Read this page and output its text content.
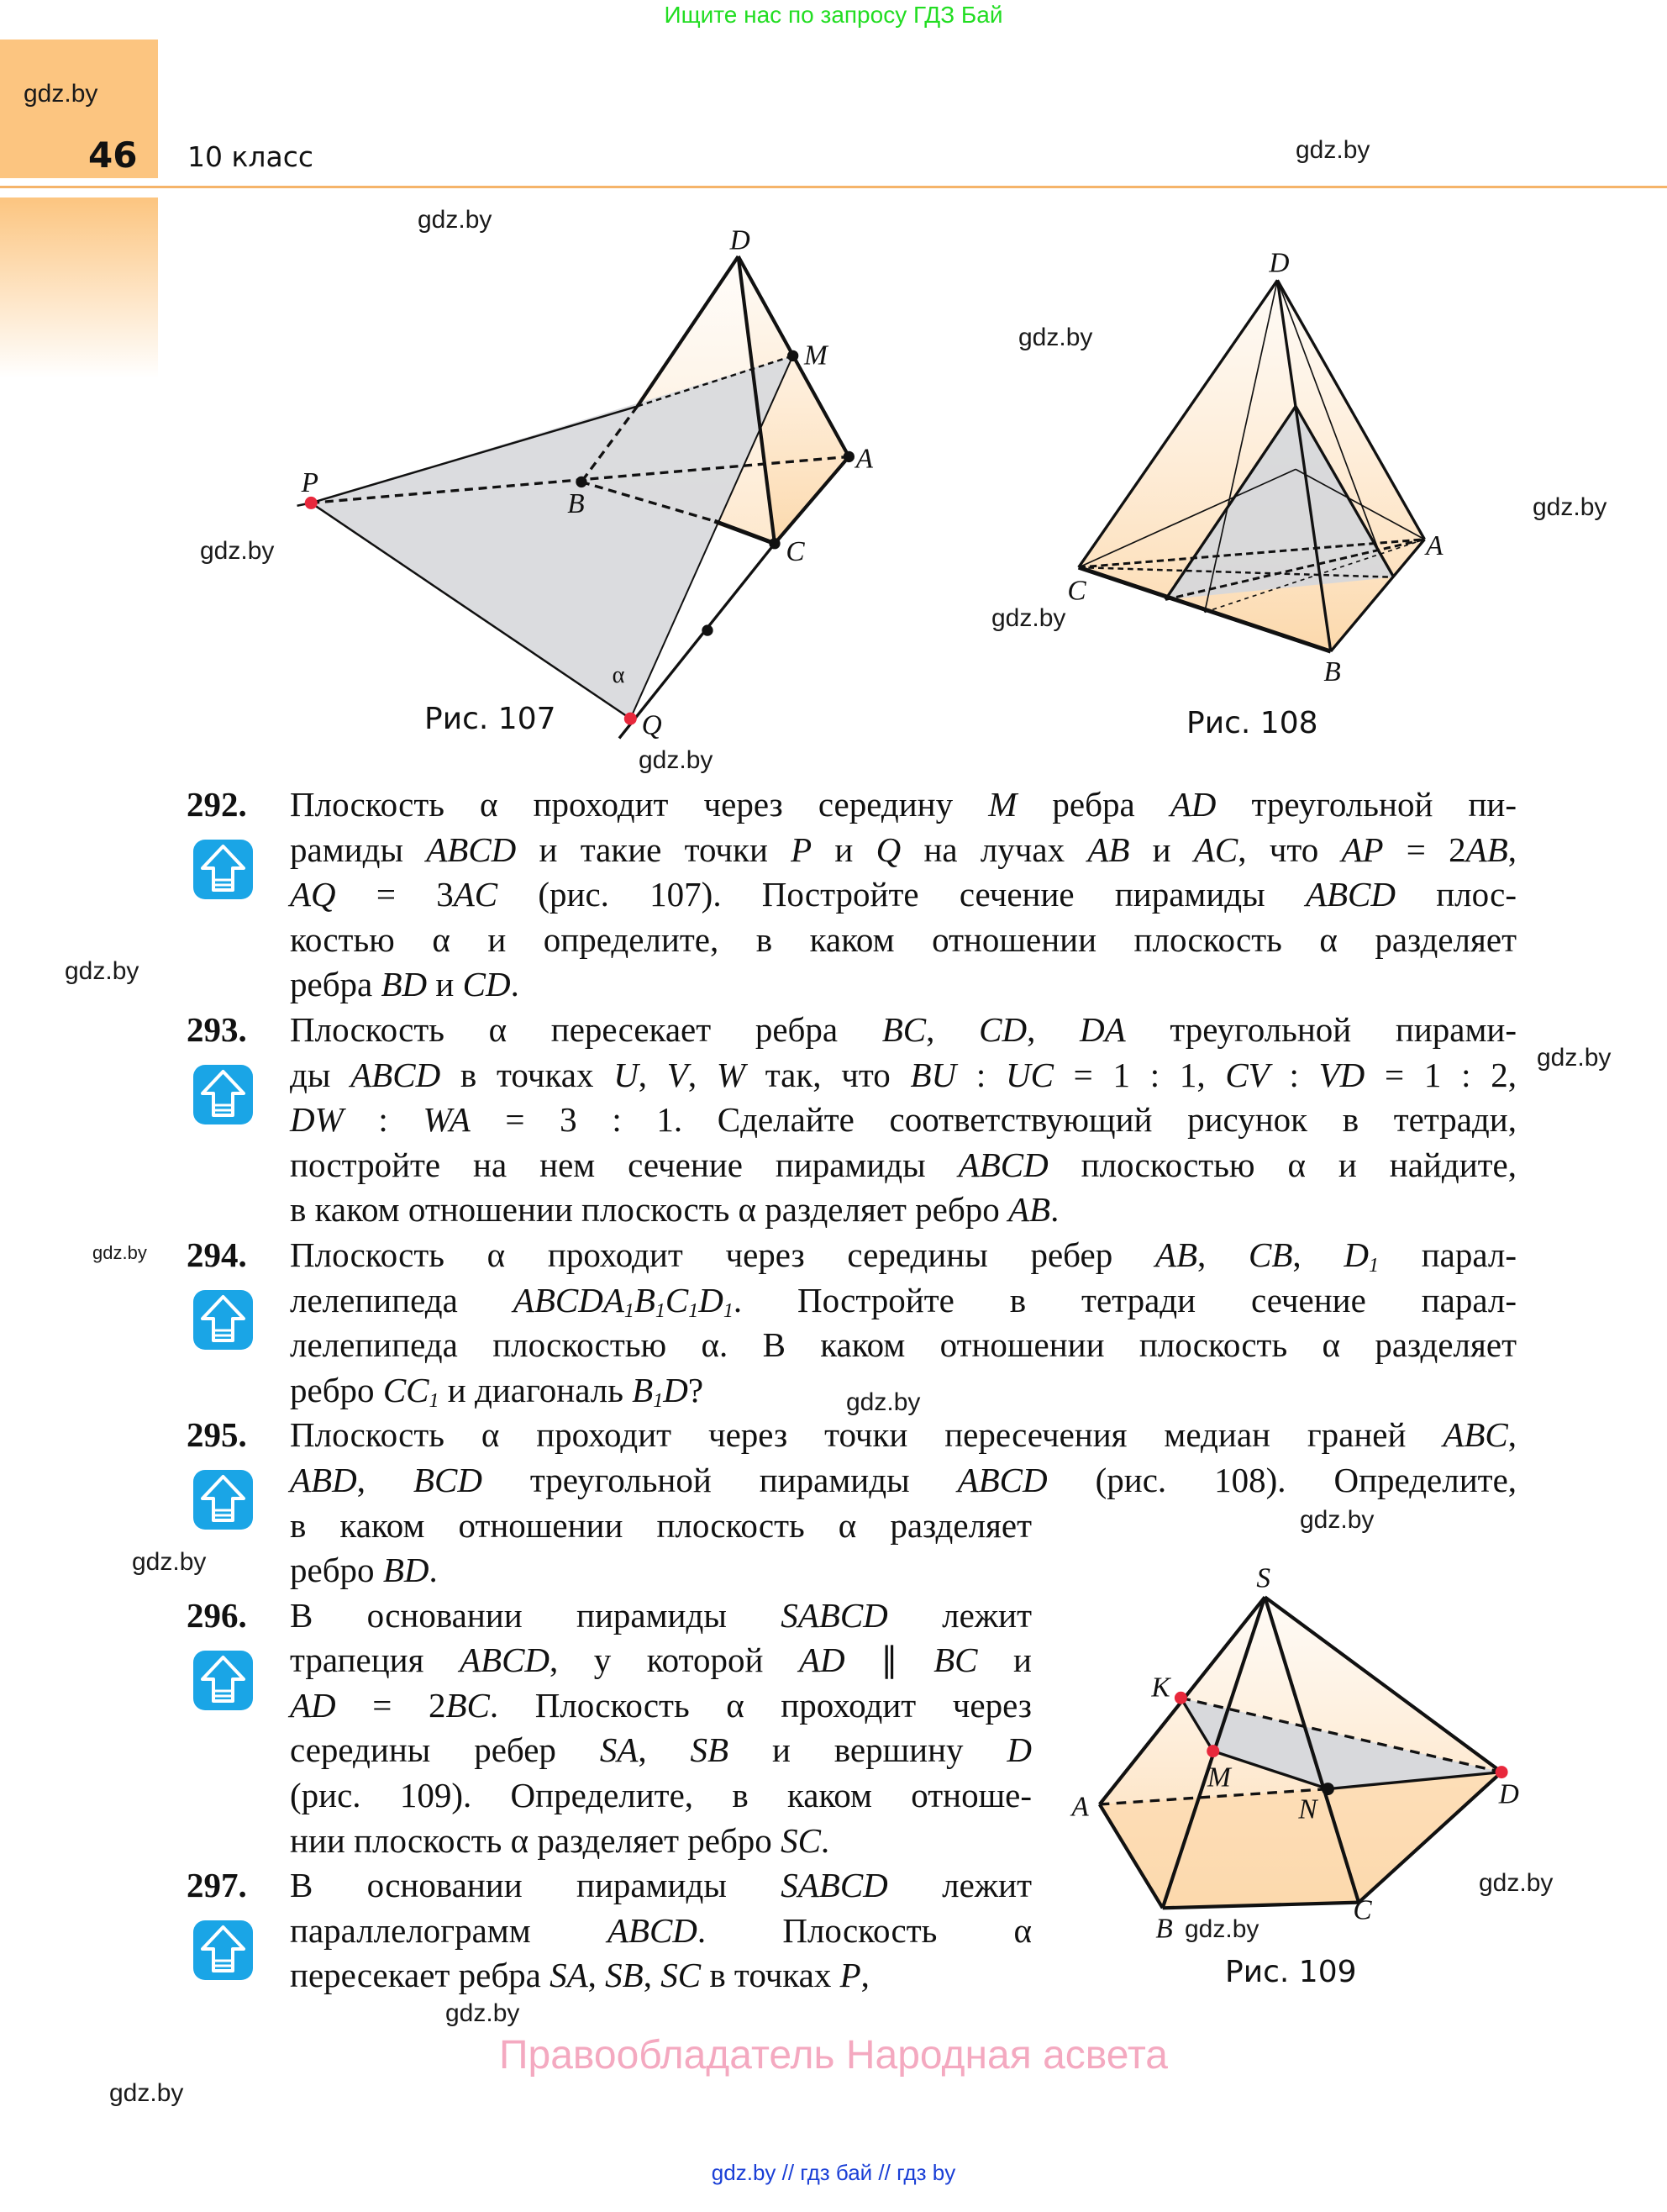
Ищите нас по запросу ГДЗ Бай
46 10 класс
gdz.by
gdz.by
gdz.by
gdz.by
gdz.by
gdz.by
gdz.by
gdz.by
gdz.by
gdz.by
gdz.by
gdz.by
gdz.by
gdz.by
gdz.by
gdz.by
gdz.by
gdz.by
D
M
A
B
C
P
Q
α
D
A
C
B
S
K
M
N
A
B
C
D
Рис. 107	Рис. 108
Рис. 109
292. Плоскость α проходит через середину M ребра AD треугольной пи-
рамиды ABCD и такие точки P и Q на лучах AB и AC, что AP = 2AB,
AQ = 3AC (рис. 107). Постройте сечение пирамиды ABCD плос-
костью α и определите, в каком отношении плоскость α разделяет
ребра BD и CD.
293. Плоскость α пересекает ребра BC, CD, DA треугольной пирами-
ды ABCD в точках U, V, W так, что BU : UC = 1 : 1, CV : VD = 1 : 2,
DW : WA = 3 : 1. Сделайте соответствующий рисунок в тетради,
постройте на нем сечение пирамиды ABCD плоскостью α и найдите,
в каком отношении плоскость α разделяет ребро AB.
294. Плоскость α проходит через середины ребер AB, CB, $D_1$ парал-
лелепипеда $ABCDA_1B_1C_1D_1$. Постройте в тетради сечение парал-
лелепипеда плоскостью α. В каком отношении плоскость α разделяет
ребро $CC_1$ и диагональ $B_1D$?
295. Плоскость α проходит через точки пересечения медиан граней ABC,
ABD, BCD треугольной пирамиды ABCD (рис. 108). Определите,
в каком отношении плоскость α разделяет
ребро BD.
296. В основании пирамиды SABCD лежит
трапеция ABCD, у которой AD ∥ BC и
AD = 2BC. Плоскость α проходит через
середины ребер SA, SB и вершину D
(рис. 109). Определите, в каком отноше-
нии плоскость α разделяет ребро SC.
297. В основании пирамиды SABCD лежит
параллелограмм ABCD. Плоскость α
пересекает ребра SA, SB, SC в точках P,
Правообладатель Народная асвета
gdz.by // гдз бай // гдз by
